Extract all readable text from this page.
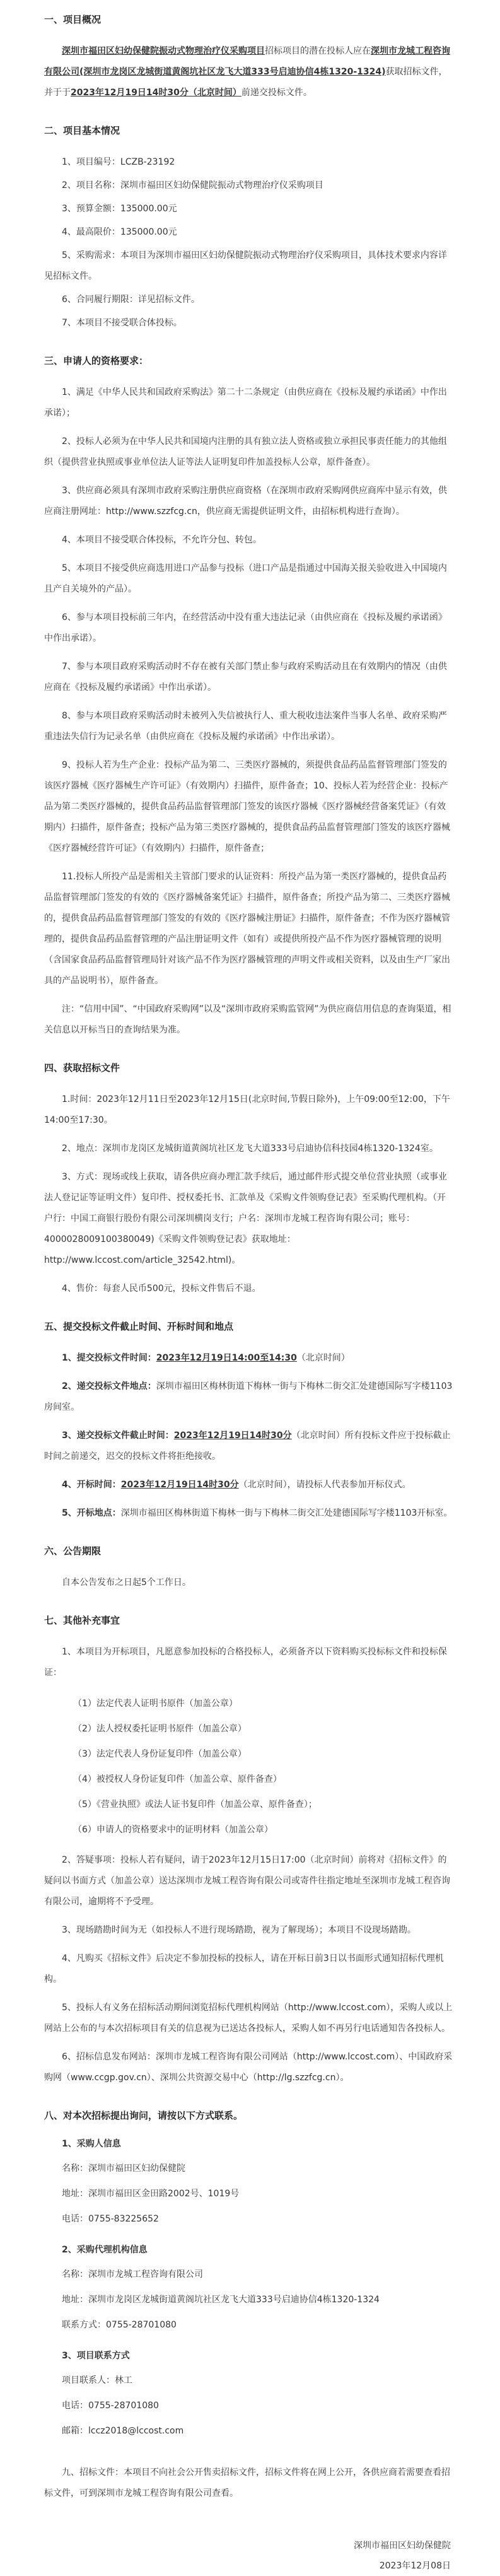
一、项目概况

深圳市福田区妇幼保健院振动式物理治疗仪采购项目招标项目的潜在投标人应在深圳市龙城工程咨询有限公司(深圳市龙岗区龙城街道黄阁坑社区龙飞大道333号启迪协信4栋1320-1324)获取招标文件，并于于2023年12月19日14时30分（北京时间）前递交投标文件。

二、项目基本情况
1、项目编号：LCZB-23192
2、项目名称：深圳市福田区妇幼保健院振动式物理治疗仪采购项目
3、预算金额：135000.00元
4、最高限价：135000.00元
5、采购需求：本项目为深圳市福田区妇幼保健院振动式物理治疗仪采购项目，具体技术要求内容详见招标文件。
6、合同履行期限：详见招标文件。
7、本项目不接受联合体投标。
三、申请人的资格要求：
1、满足《中华人民共和国政府采购法》第二十二条规定（由供应商在《投标及履约承诺函》中作出承诺）；
2、投标人必须为在中华人民共和国境内注册的具有独立法人资格或独立承担民事责任能力的其他组织（提供营业执照或事业单位法人证等法人证明复印件加盖投标人公章，原件备查）。
3、供应商必须具有深圳市政府采购注册供应商资格（在深圳市政府采购网供应商库中显示有效，供应商注册网址：http://www.szzfcg.cn，供应商无需提供证明文件，由招标机构进行查询）。
4、本项目不接受联合体投标，不允许分包、转包。
5、本项目不接受供应商选用进口产品参与投标（进口产品是指通过中国海关报关验收进入中国境内且产自关境外的产品）。
6、参与本项目投标前三年内，在经营活动中没有重大违法记录（由供应商在《投标及履约承诺函》中作出承诺）。
7、参与本项目政府采购活动时不存在被有关部门禁止参与政府采购活动且在有效期内的情况（由供应商在《投标及履约承诺函》中作出承诺）。
8、参与本项目政府采购活动时未被列入失信被执行人、重大税收违法案件当事人名单、政府采购严重违法失信行为记录名单（由供应商在《投标及履约承诺函》中作出承诺）。
9、投标人若为生产企业：投标产品为第二、三类医疗器械的，须提供食品药品监督管理部门签发的该医疗器械《医疗器械生产许可证》（有效期内）扫描件，原件备查；10、投标人若为经营企业：投标产品为第二类医疗器械的，提供食品药品监督管理部门签发的该医疗器械《医疗器械经营备案凭证》（有效期内）扫描件，原件备查；投标产品为第三类医疗器械的，提供食品药品监督管理部门签发的该医疗器械《医疗器械经营许可证》（有效期内）扫描件，原件备查；
11.投标人所投产品是需相关主管部门要求的认证资料：所投产品为第一类医疗器械的，提供食品药品监督管理部门签发的有效的《医疗器械备案凭证》扫描件，原件备查；所投产品为第二、三类医疗器械的，提供食品药品监督管理部门签发的有效的《医疗器械注册证》扫描件，原件备查；不作为医疗器械管理的，提供食品药品监督管理的产品注册证明文件（如有）或提供所投产品不作为医疗器械管理的说明（含国家食品药品监督管理局针对该产品不作为医疗器械管理的声明文件或相关资料，以及由生产厂家出具的产品说明书），原件备查。
注：“信用中国”、“中国政府采购网”以及“深圳市政府采购监管网”为供应商信用信息的查询渠道，相关信息以开标当日的查询结果为准。
四、获取招标文件
1.时间：2023年12月11日至2023年12月15日(北京时间,节假日除外)，上午09:00至12:00，下午14:00至17:30。
2、地点：深圳市龙岗区龙城街道黄阁坑社区龙飞大道333号启迪协信科技园4栋1320-1324室。
3、方式：现场或线上获取，请各供应商办理汇款手续后，通过邮件形式提交单位营业执照（或事业法人登记证等证明文件）复印件、授权委托书、汇款单及《采购文件领购登记表》至采购代理机构。（开户行：中国工商银行股份有限公司深圳横岗支行；户名：深圳市龙城工程咨询有限公司；账号：4000028009100380049)《采购文件领购登记表》获取地址：http://www.lccost.com/article_32542.html)。
4、售价：每套人民币500元，投标文件售后不退。
五、提交投标文件截止时间、开标时间和地点
1、提交投标文件时间：2023年12月19日14:00至14:30（北京时间）
2、递交投标文件地点：深圳市福田区梅林街道下梅林一街与下梅林二街交汇处建德国际写字楼1103房间室。
3、递交投标文件截止时间：2023年12月19日14时30分（北京时间）所有投标文件应于投标截止时间之前递交，迟交的投标文件将拒绝接收。
4、开标时间：2023年12月19日14时30分（北京时间），请投标人代表参加开标仪式。
5、开标地点：深圳市福田区梅林街道下梅林一街与下梅林二街交汇处建德国际写字楼1103开标室。
六、公告期限
自本公告发布之日起5个工作日。
七、其他补充事宜
1、本项目为开标项目，凡愿意参加投标的合格投标人，必须备齐以下资料购买投标标文件和投标保证：
（1）法定代表人证明书原件（加盖公章）
（2）法人授权委托证明书原件（加盖公章）
（3）法定代表人身份证复印件（加盖公章）
（4）被授权人身份证复印件（加盖公章、原件备查）
（5）《营业执照》或法人证书复印件（加盖公章、原件备查）；
（6）申请人的资格要求中的证明材料（加盖公章）
2、答疑事项：投标人若有疑问，请于2023年12月15日17:00（北京时间）前将对《招标文件》的疑问以书面方式（加盖公章）送达深圳市龙城工程咨询有限公司或寄件往指定地址至深圳市龙城工程咨询有限公司，逾期将不予受理。
3、现场踏勘时间为无（如投标人不进行现场踏勘，视为了解现场）；本项目不设现场踏勘。
4、凡购买《招标文件》后决定不参加投标的投标人，请在开标日前3日以书面形式通知招标代理机构。
5、投标人有义务在招标活动期间浏览招标代理机构网站（http://www.lccost.com），采购人或以上网站上公布的与本次招标项目有关的信息视为已送达各投标人，采购人如不再另行电话通知告各投标人。
6、招标信息发布网站：深圳市龙城工程咨询有限公司网站（http://www.lccost.com）、中国政府采购网（www.ccgp.gov.cn）、深圳公共资源交易中心（http://lg.szzfcg.cn）。
八、对本次招标提出询问，请按以下方式联系。
1、采购人信息
名称：深圳市福田区妇幼保健院
地址：深圳市福田区金田路2002号、1019号
电话：0755-83225652
2、采购代理机构信息
名称：深圳市龙城工程咨询有限公司
地址：深圳市龙岗区龙城街道黄阁坑社区龙飞大道333号启迪协信4栋1320-1324
联系方式：0755-28701080
3、项目联系方式
项目联系人：林工
电话：0755-28701080
邮箱：lccz2018@lccost.com
九、招标文件：本项目不向社会公开售卖招标文件，招标文件将在网上公开，各供应商若需要查看招标文件，可到深圳市龙城工程咨询有限公司查看。
深圳市福田区妇幼保健院
2023年12月08日
